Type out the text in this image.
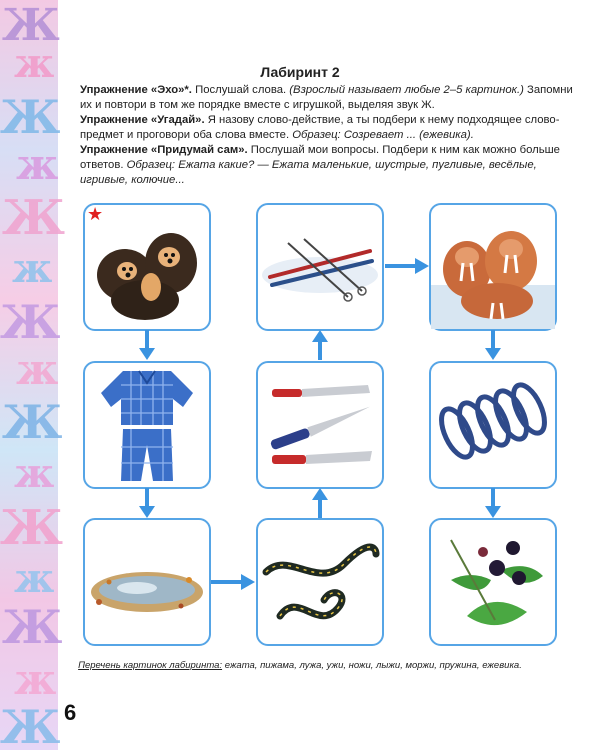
Ж
ж
Ж
ж
Ж
ж
Ж
ж
Ж
ж
Ж
ж
Ж
ж
Ж
Лабиринт 2

Упражнение «Эхо»*. Послушай слова. (Взрослый называет любые 2–5 картинок.) Запомни их и повтори в том же порядке вместе с игрушкой, выделяя звук Ж.

Упражнение «Угадай». Я назову слово-действие, а ты подбери к нему подходящее слово-предмет и проговори оба слова вместе. Образец: Созревает ... (ежевика).

Упражнение «Придумай сам». Послушай мои вопросы. Подбери к ним как можно больше ответов. Образец: Ежата какие? — Ежата маленькие, шустрые, пугливые, весёлые, игривые, колючие...

★
Перечень картинок лабиринта: ежата, пижама, лужа, ужи, ножи, лыжи, моржи, пружина, ежевика.
6
